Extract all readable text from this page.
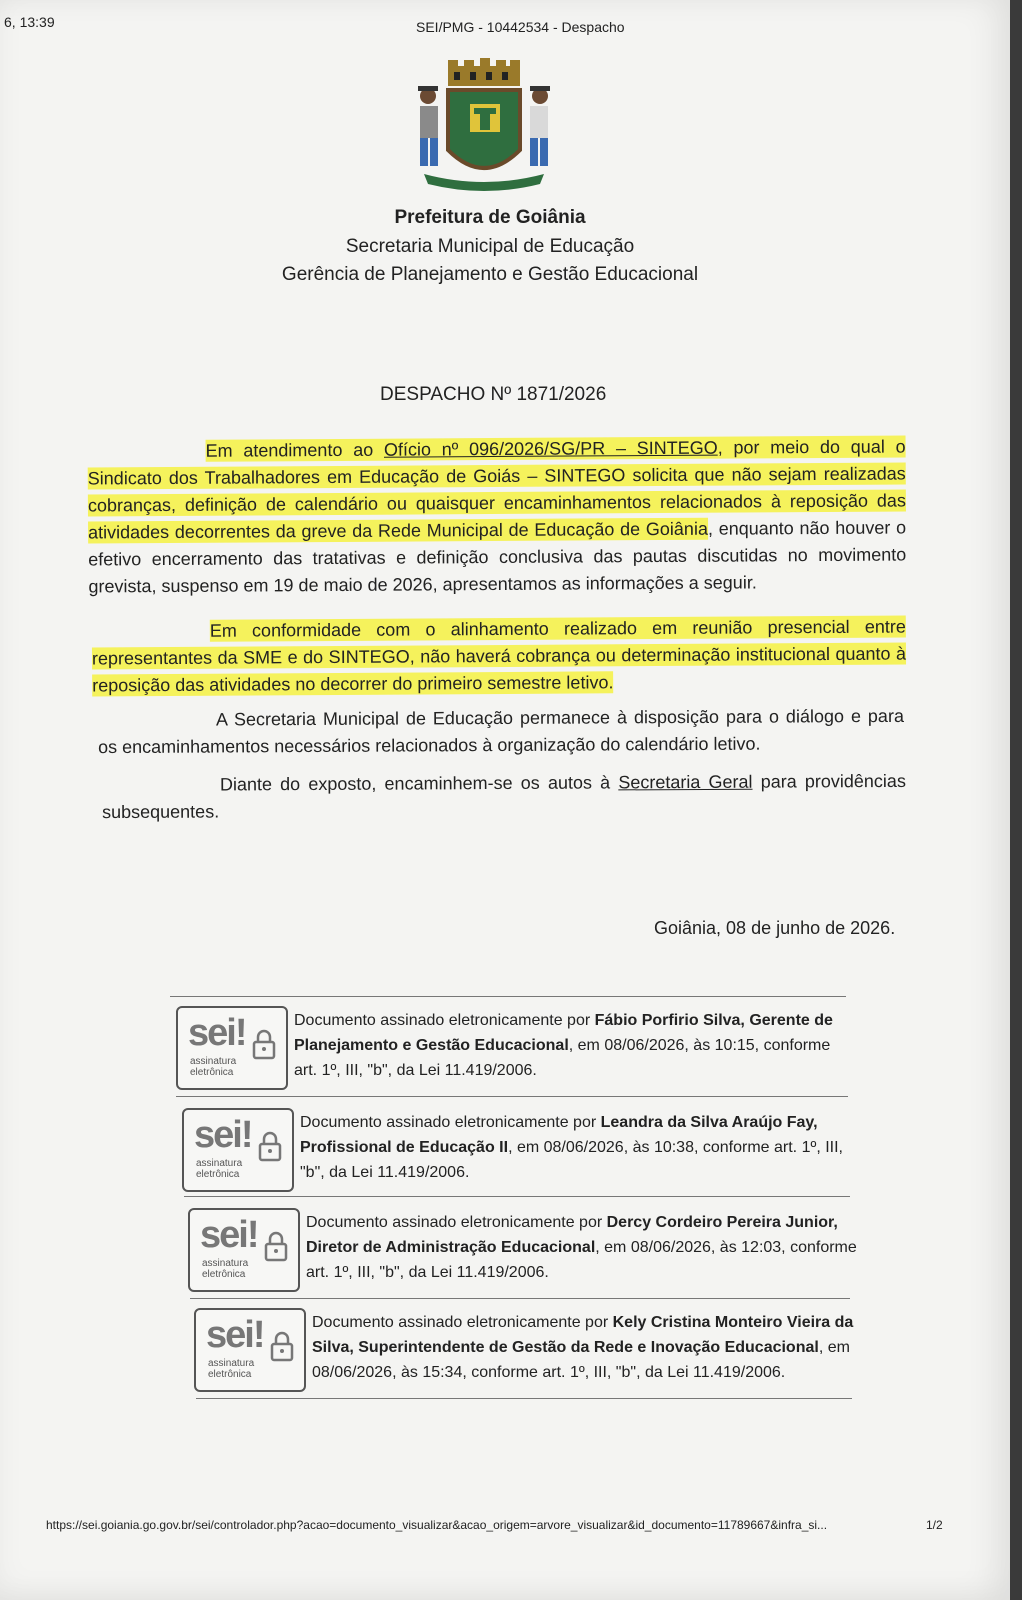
6, 13:39	SEI/PMG - 10442534 - Despacho
Prefeitura de Goiânia
Secretaria Municipal de Educação
Gerência de Planejamento e Gestão Educacional
DESPACHO Nº 1871/2026
Em atendimento ao Ofício nº 096/2026/SG/PR – SINTEGO, por meio do qual o Sindicato dos Trabalhadores em Educação de Goiás – SINTEGO solicita que não sejam realizadas cobranças, definição de calendário ou quaisquer encaminhamentos relacionados à reposição das atividades decorrentes da greve da Rede Municipal de Educação de Goiânia, enquanto não houver o efetivo encerramento das tratativas e definição conclusiva das pautas discutidas no movimento grevista, suspenso em 19 de maio de 2026, apresentamos as informações a seguir.
Em conformidade com o alinhamento realizado em reunião presencial entre representantes da SME e do SINTEGO, não haverá cobrança ou determinação institucional quanto à reposição das atividades no decorrer do primeiro semestre letivo.
A Secretaria Municipal de Educação permanece à disposição para o diálogo e para os encaminhamentos necessários relacionados à organização do calendário letivo.
Diante do exposto, encaminhem-se os autos à Secretaria Geral para providências subsequentes.
Goiânia, 08 de junho de 2026.
sei!
assinatura
eletrônica
Documento assinado eletronicamente por Fábio Porfirio Silva, Gerente de Planejamento e Gestão Educacional, em 08/06/2026, às 10:15, conforme art. 1º, III, "b", da Lei 11.419/2006.
sei!
assinatura
eletrônica
Documento assinado eletronicamente por Leandra da Silva Araújo Fay, Profissional de Educação II, em 08/06/2026, às 10:38, conforme art. 1º, III, "b", da Lei 11.419/2006.
sei!
assinatura
eletrônica
Documento assinado eletronicamente por Dercy Cordeiro Pereira Junior, Diretor de Administração Educacional, em 08/06/2026, às 12:03, conforme art. 1º, III, "b", da Lei 11.419/2006.
sei!
assinatura
eletrônica
Documento assinado eletronicamente por Kely Cristina Monteiro Vieira da Silva, Superintendente de Gestão da Rede e Inovação Educacional, em 08/06/2026, às 15:34, conforme art. 1º, III, "b", da Lei 11.419/2006.
https://sei.goiania.go.gov.br/sei/controlador.php?acao=documento_visualizar&acao_origem=arvore_visualizar&id_documento=11789667&infra_si...	1/2
